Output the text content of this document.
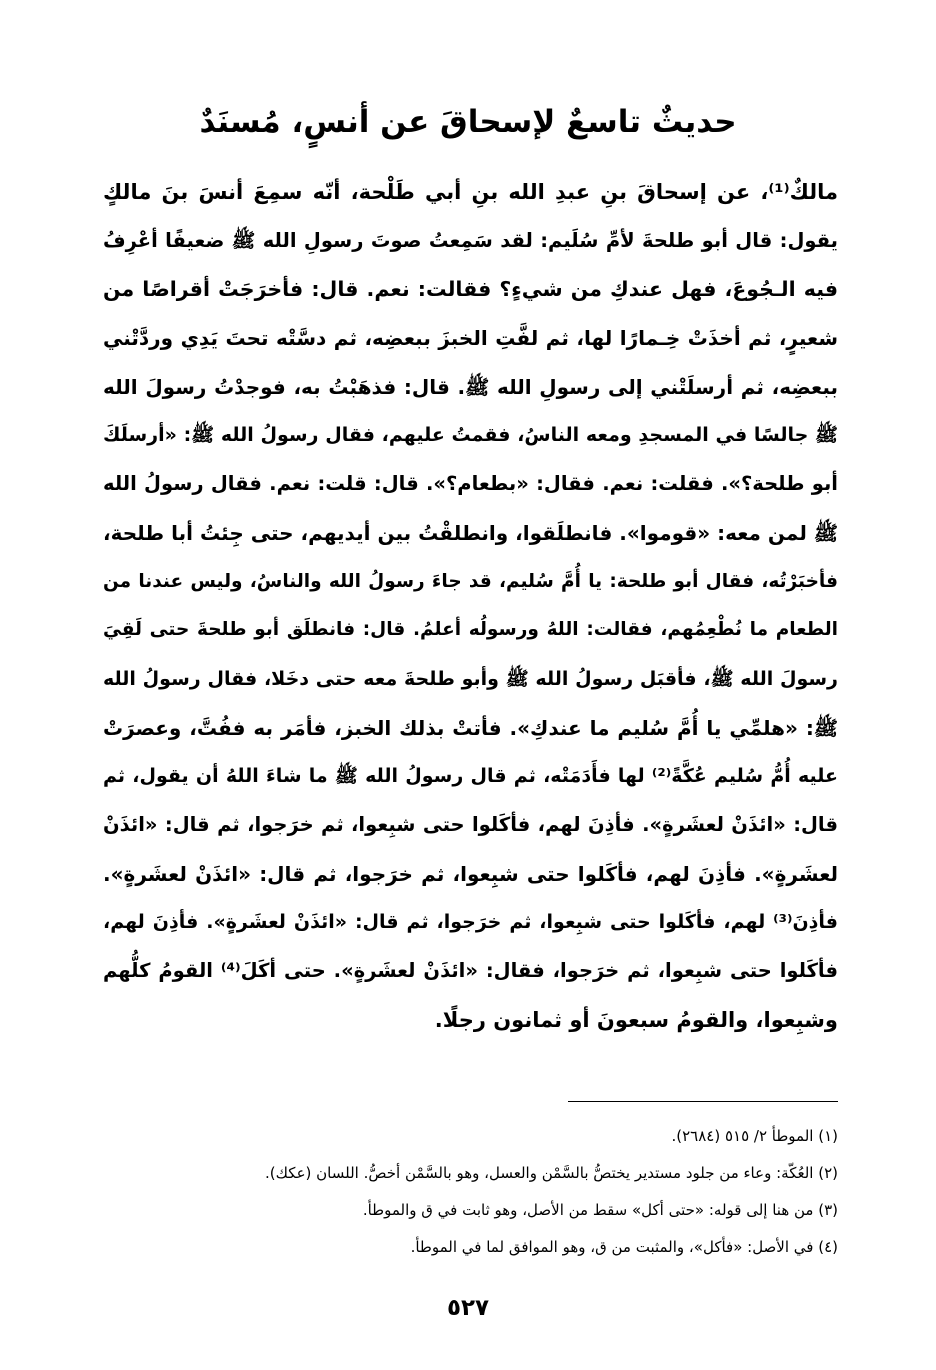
حديثٌ تاسعٌ لإسحاقَ عن أنسٍ، مُسنَدٌ
مالكٌ⁽¹⁾، عن إسحاقَ بنِ عبدِ الله بنِ أبي طَلْحة، أنّه سمِعَ أنسَ بنَ مالكٍ
يقول: قال أبو طلحةَ لأمِّ سُلَيم: لقد سَمِعتُ صوتَ رسولِ الله ﷺ ضعيفًا أعْرِفُ
فيه الـجُوعَ، فهل عندكِ من شيءٍ؟ فقالت: نعم. قال: فأخرَجَتْ أقراصًا من
شعيرٍ، ثم أخذَتْ خِـمارًا لها، ثم لفَّتِ الخبزَ ببعضِه، ثم دسَّتْه تحتَ يَدِي وردَّتْني
ببعضِه، ثم أرسلَتْني إلى رسولِ الله ﷺ. قال: فذهَبْتُ به، فوجدْتُ رسولَ الله
ﷺ جالسًا في المسجدِ ومعه الناسُ، فقمتُ عليهم، فقال رسولُ الله ﷺ: «أرسلَكَ
أبو طلحة؟». فقلت: نعم. فقال: «بطعام؟». قال: قلت: نعم. فقال رسولُ الله
ﷺ لمن معه: «قوموا». فانطلَقوا، وانطلقْتُ بين أيديهم، حتى جِئتُ أبا طلحة،
فأخبَرْتُه، فقال أبو طلحة: يا أُمَّ سُليم، قد جاءَ رسولُ الله والناسُ، وليس عندنا من
الطعام ما نُطْعِمُهم، فقالت: اللهُ ورسولُه أعلمُ. قال: فانطلَق أبو طلحةَ حتى لَقِيَ
رسولَ الله ﷺ، فأقبَل رسولُ الله ﷺ وأبو طلحةَ معه حتى دخَلا، فقال رسولُ الله
ﷺ: «هلمِّي يا أُمَّ سُليم ما عندكِ». فأتتْ بذلك الخبز، فأمَر به ففُتَّ، وعصرَتْ
عليه أُمُّ سُليم عُكَّةً⁽²⁾ لها فأَدَمَتْه، ثم قال رسولُ الله ﷺ ما شاءَ اللهُ أن يقول، ثم
قال: «ائذَنْ لعشَرةٍ». فأذِنَ لهم، فأكَلوا حتى شبِعوا، ثم خرَجوا، ثم قال: «ائذَنْ
لعشَرةٍ». فأذِنَ لهم، فأكَلوا حتى شبِعوا، ثم خرَجوا، ثم قال: «ائذَنْ لعشَرةٍ».
فأذِنَ⁽³⁾ لهم، فأكَلوا حتى شبِعوا، ثم خرَجوا، ثم قال: «ائذَنْ لعشَرةٍ». فأذِنَ لهم،
فأكَلوا حتى شبِعوا، ثم خرَجوا، فقال: «ائذَنْ لعشَرةٍ». حتى أكَلَ⁽⁴⁾ القومُ كلُّهم
وشبِعوا، والقومُ سبعونَ أو ثمانون رجلًا.
(١) الموطأ ٢/ ٥١٥ (٢٦٨٤).
(٢) العُكّة: وعاء من جلود مستدير يختصُّ بالسَّمْن والعسل، وهو بالسَّمْن أخصُّ. اللسان (عكك).
(٣) من هنا إلى قوله: «حتى أكل» سقط من الأصل، وهو ثابت في ق والموطأ.
(٤) في الأصل: «فأكل»، والمثبت من ق، وهو الموافق لما في الموطأ.
٥٢٧
